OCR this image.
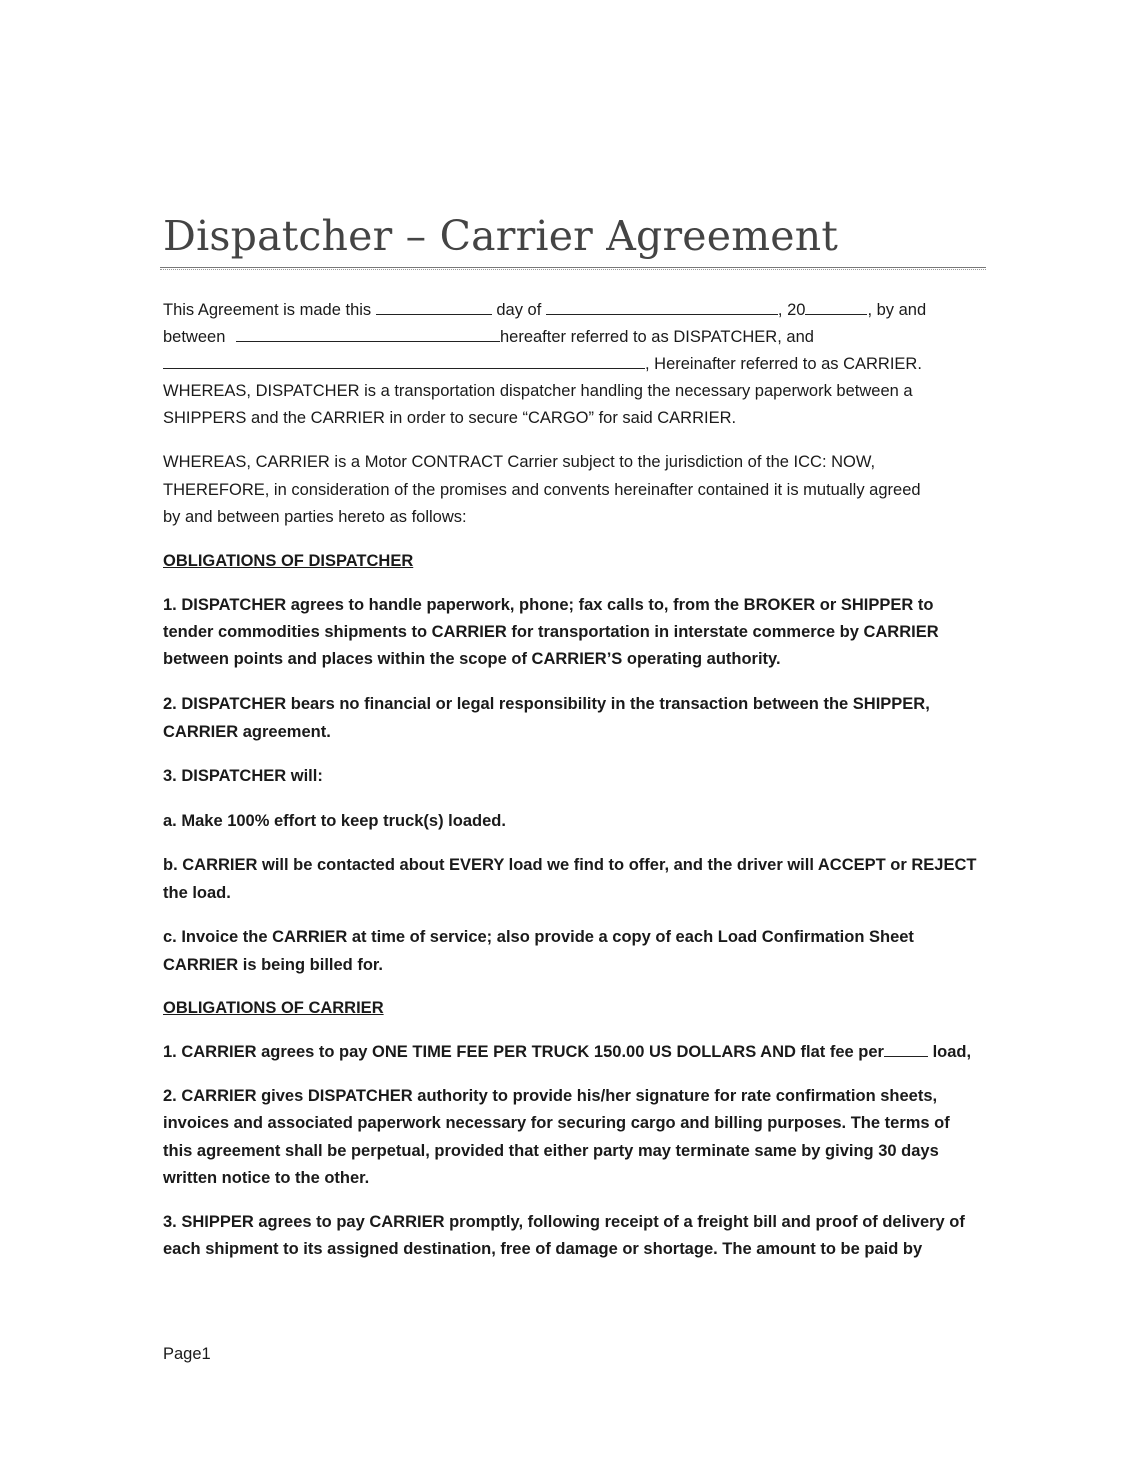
Dispatcher – Carrier Agreement
This Agreement is made this	day of	, 20	, by and
between	hereafter referred to as DISPATCHER, and
, Hereinafter referred to as CARRIER.
WHEREAS, DISPATCHER is a transportation dispatcher handling the necessary paperwork between a
SHIPPERS and the CARRIER in order to secure “CARGO” for said CARRIER.
WHEREAS, CARRIER is a Motor CONTRACT Carrier subject to the jurisdiction of the ICC: NOW,
THEREFORE, in consideration of the promises and convents hereinafter contained it is mutually agreed
by and between parties hereto as follows:
OBLIGATIONS OF DISPATCHER
1. DISPATCHER agrees to handle paperwork, phone; fax calls to, from the BROKER or SHIPPER to
tender commodities shipments to CARRIER for transportation in interstate commerce by CARRIER
between points and places within the scope of CARRIER’S operating authority.
2. DISPATCHER bears no financial or legal responsibility in the transaction between the SHIPPER,
CARRIER agreement.
3. DISPATCHER will:
a. Make 100% effort to keep truck(s) loaded.
b. CARRIER will be contacted about EVERY load we find to offer, and the driver will ACCEPT or REJECT
the load.
c. Invoice the CARRIER at time of service; also provide a copy of each Load Confirmation Sheet
CARRIER is being billed for.
OBLIGATIONS OF CARRIER
1. CARRIER agrees to pay ONE TIME FEE PER TRUCK 150.00 US DOLLARS AND flat fee per	load,
2. CARRIER gives DISPATCHER authority to provide his/her signature for rate confirmation sheets,
invoices and associated paperwork necessary for securing cargo and billing purposes. The terms of
this agreement shall be perpetual, provided that either party may terminate same by giving 30 days
written notice to the other.
3. SHIPPER agrees to pay CARRIER promptly, following receipt of a freight bill and proof of delivery of
each shipment to its assigned destination, free of damage or shortage. The amount to be paid by
Page1
